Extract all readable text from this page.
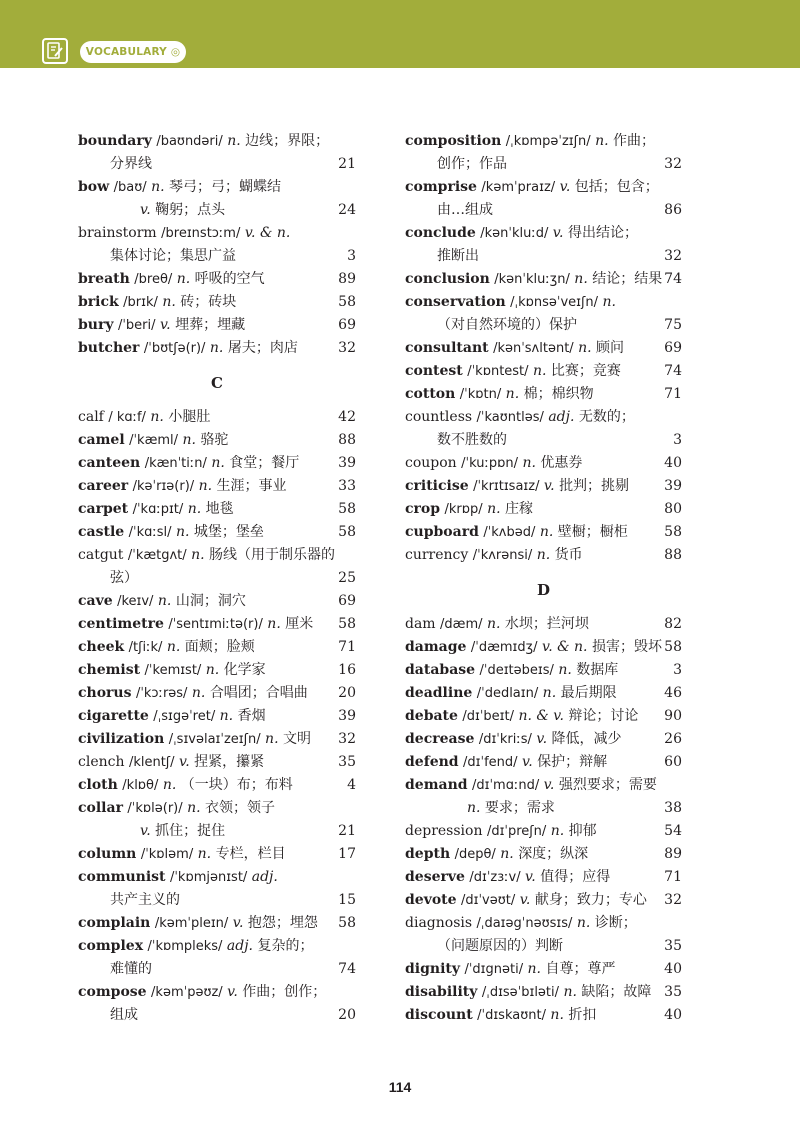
VOCABULARY ◎
boundary /baʊndəri/ n. 边线；界限；
分界线	21
bow /baʊ/ n. 琴弓；弓；蝴蝶结
v. 鞠躬；点头	24
brainstorm /breɪnstɔːm/ v. & n.
集体讨论；集思广益	3
breath /breθ/ n. 呼吸的空气	89
brick /brɪk/ n. 砖；砖块	58
bury /ˈberi/ v. 埋葬；埋藏	69
butcher /ˈbʊtʃə(r)/ n. 屠夫；肉店	32
C
calf / kɑːf/ n. 小腿肚	42
camel /ˈkæml/ n. 骆驼	88
canteen /kænˈtiːn/ n. 食堂；餐厅	39
career /kəˈrɪə(r)/ n. 生涯；事业	33
carpet /ˈkɑːpɪt/ n. 地毯	58
castle /ˈkɑːsl/ n. 城堡；堡垒	58
catgut /ˈkætgʌt/ n. 肠线（用于制乐器的
弦）	25
cave /keɪv/ n. 山洞；洞穴	69
centimetre /ˈsentɪmiːtə(r)/ n. 厘米 58
cheek /tʃiːk/ n. 面颊；脸颊	71
chemist /ˈkemɪst/ n. 化学家	16
chorus /ˈkɔːrəs/ n. 合唱团；合唱曲 20
cigarette /ˌsɪgəˈret/ n. 香烟	39
civilization /ˌsɪvəlaɪˈzeɪʃn/ n. 文明 32
clench /klentʃ/ v. 捏紧，攥紧	35
cloth /klɒθ/ n. （一块）布；布料	4
collar /ˈkɒlə(r)/ n. 衣领；领子
v. 抓住；捉住	21
column /ˈkɒləm/ n. 专栏，栏目	17
communist /ˈkɒmjənɪst/ adj.
共产主义的	15
complain /kəmˈpleɪn/ v. 抱怨；埋怨 58
complex /ˈkɒmpleks/ adj. 复杂的；
难懂的	74
compose /kəmˈpəʊz/ v. 作曲；创作；
组成	20
composition /ˌkɒmpəˈzɪʃn/ n. 作曲；
创作；作品	32
comprise /kəmˈpraɪz/ v. 包括；包含；
由…组成	86
conclude /kənˈkluːd/ v. 得出结论；
推断出	32
conclusion /kənˈkluːʒn/ n. 结论；结果 74
conservation /ˌkɒnsəˈveɪʃn/ n.
（对自然环境的）保护	75
consultant /kənˈsʌltənt/ n. 顾问	69
contest /ˈkɒntest/ n. 比赛；竞赛	74
cotton /ˈkɒtn/ n. 棉；棉织物	71
countless /ˈkaʊntləs/ adj. 无数的；
数不胜数的	3
coupon /ˈkuːpɒn/ n. 优惠券	40
criticise /ˈkrɪtɪsaɪz/ v. 批判；挑剔	39
crop /krɒp/ n. 庄稼	80
cupboard /ˈkʌbəd/ n. 壁橱；橱柜	58
currency /ˈkʌrənsi/ n. 货币	88
D
dam /dæm/ n. 水坝；拦河坝	82
damage /ˈdæmɪdʒ/ v. & n. 损害；毁坏 58
database /ˈdeɪtəbeɪs/ n. 数据库	3
deadline /ˈdedlaɪn/ n. 最后期限	46
debate /dɪˈbeɪt/ n. & v. 辩论；讨论 90
decrease /dɪˈkriːs/ v. 降低，减少	26
defend /dɪˈfend/ v. 保护；辩解	60
demand /dɪˈmɑːnd/ v. 强烈要求；需要
n. 要求；需求	38
depression /dɪˈpreʃn/ n. 抑郁	54
depth /depθ/ n. 深度；纵深	89
deserve /dɪˈzɜːv/ v. 值得；应得	71
devote /dɪˈvəʊt/ v. 献身；致力；专心 32
diagnosis /ˌdaɪəgˈnəʊsɪs/ n. 诊断；
（问题原因的）判断	35
dignity /ˈdɪgnəti/ n. 自尊；尊严	40
disability /ˌdɪsəˈbɪləti/ n. 缺陷；故障 35
discount /ˈdɪskaʊnt/ n. 折扣	40
114
